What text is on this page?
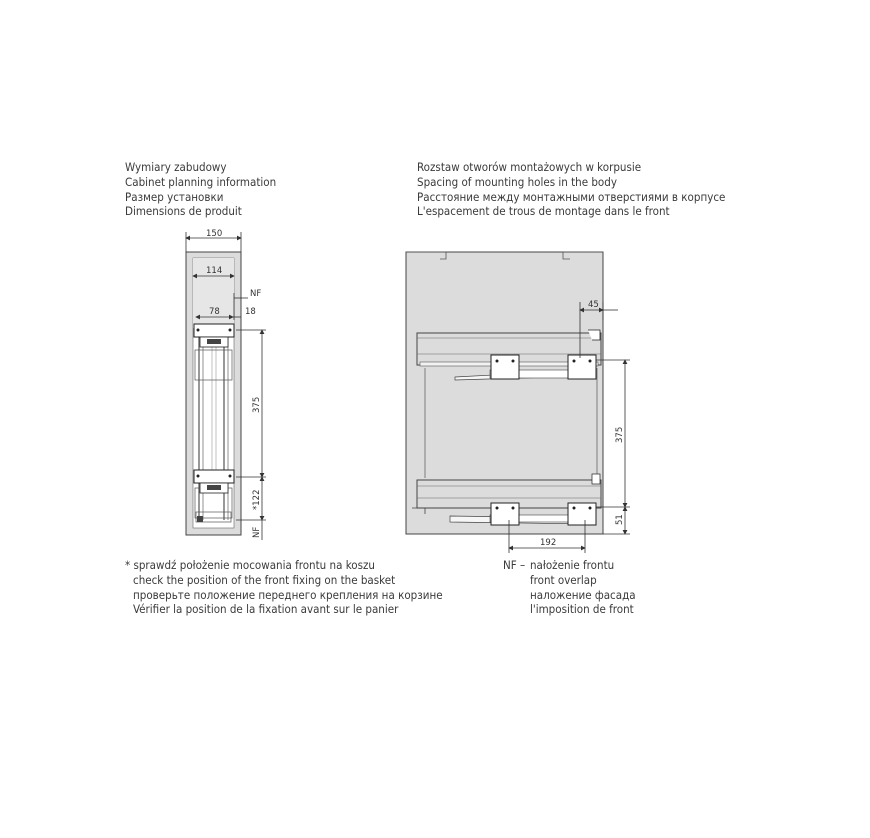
Wymiary zabudowy
Cabinet planning information
Размер установки
Dimensions de produit
Rozstaw otworów montażowych w korpusie
Spacing of mounting holes in the body
Расстояние между монтажными отверстиями в корпусе
L'espacement de trous de montage dans le front
* sprawdź położenie mocowania frontu na koszu
check the position of the front fixing on the basket
проверьте положение переднего крепления на корзине
Vérifier la position de la fixation avant sur le panier
NF – nałożenie frontu
front overlap
наложение фасада
l'imposition de front
150
114
NF
78	18
375
*122
NF
45
375
51
192
